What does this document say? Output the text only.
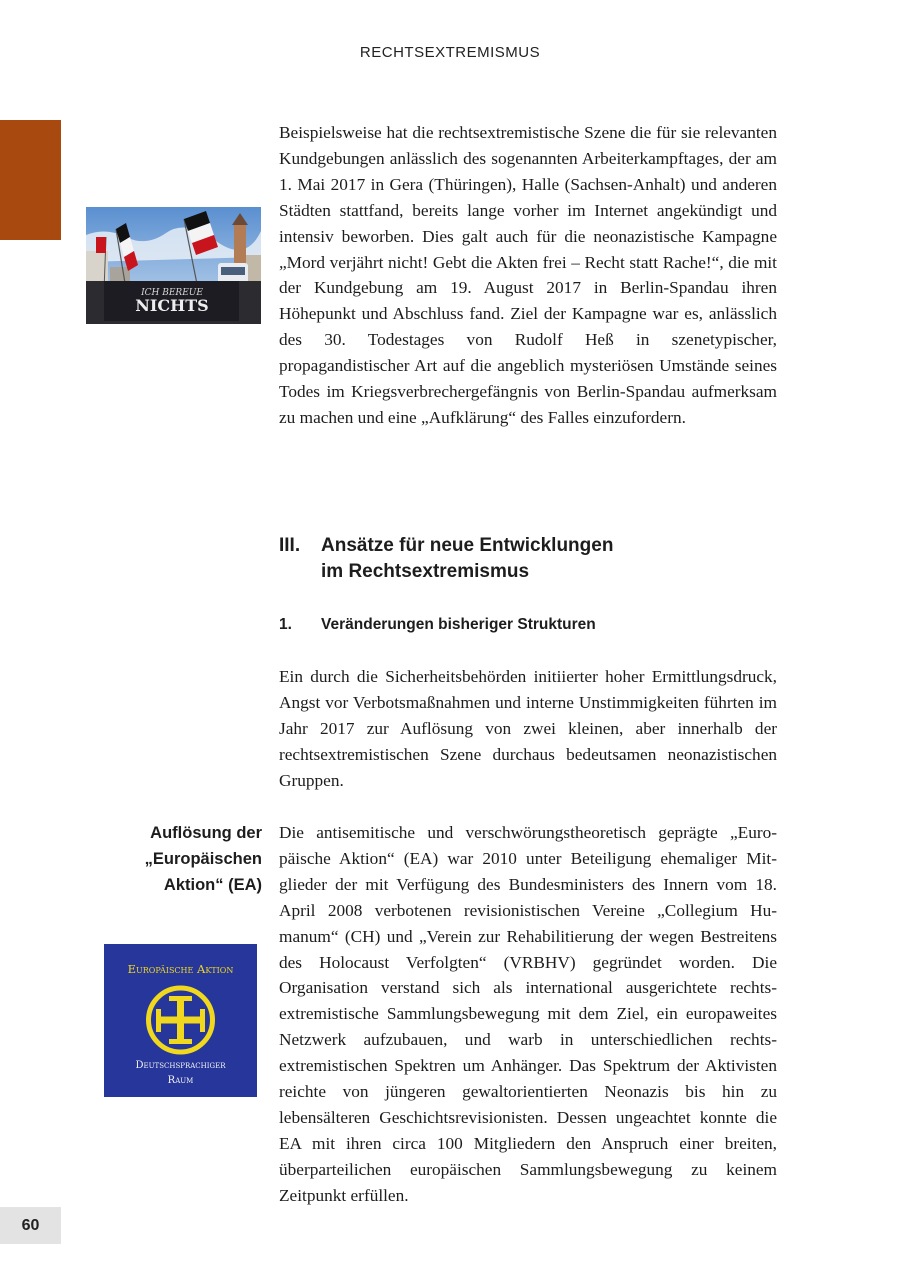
RECHTSEXTREMISMUS
ICH BEREUE
NICHTS
Beispielsweise hat die rechtsextremistische Szene die für sie relevanten Kundgebungen anlässlich des sogenannten Arbeiterkampftages, der am 1. Mai 2017 in Gera (Thüringen), Halle (Sachsen-Anhalt) und anderen Städten stattfand, bereits lange vorher im Internet angekündigt und intensiv beworben. Dies galt auch für die neonazistische Kampagne „Mord verjährt nicht! Gebt die Akten frei – Recht statt Rache!“, die mit der Kundgebung am 19. August 2017 in Berlin-Spandau ihren Höhepunkt und Abschluss fand. Ziel der Kampagne war es, anlässlich des 30. Todestages von Rudolf Heß in szenetypischer, propagandistischer Art auf die angeblich mysteriösen Umstände seines Todes im Kriegsverbrechergefängnis von Berlin-Spandau aufmerksam zu machen und eine „Aufklärung“ des Falles einzufordern.
III.	Ansätze für neue Entwicklungen
im Rechtsextremismus
1.	Veränderungen bisheriger Strukturen
Ein durch die Sicherheitsbehörden initiierter hoher Ermittlungsdruck, Angst vor Verbotsmaßnahmen und interne Unstimmigkeiten führten im Jahr 2017 zur Auflösung von zwei kleinen, aber innerhalb der rechtsextremistischen Szene durchaus bedeutsamen neonazistischen Gruppen.
Auflösung der
„Europäischen
Aktion“ (EA)
Die antisemitische und verschwörungstheoretisch geprägte „Europäische Aktion“ (EA) war 2010 unter Beteiligung ehemaliger Mitglieder der mit Verfügung des Bundesministers des Innern vom 18. April 2008 verbotenen revisionistischen Vereine „Collegium Humanum“ (CH) und „Verein zur Rehabilitierung der wegen Bestreitens des Holocaust Verfolgten“ (VRBHV) gegründet worden. Die Organisation verstand sich als international ausgerichtete rechtsextremistische Sammlungsbewegung mit dem Ziel, ein europaweites Netzwerk aufzubauen, und warb in unterschiedlichen rechtsextremistischen Spektren um Anhänger. Das Spektrum der Aktivisten reichte von jüngeren gewaltorientierten Neonazis bis hin zu lebensälteren Geschichtsrevisionisten. Dessen ungeachtet konnte die EA mit ihren circa 100 Mitgliedern den Anspruch einer breiten, überparteilichen europäischen Sammlungsbewegung zu keinem Zeitpunkt erfüllen.
Europäische Aktion
Deutschsprachiger
Raum
60
